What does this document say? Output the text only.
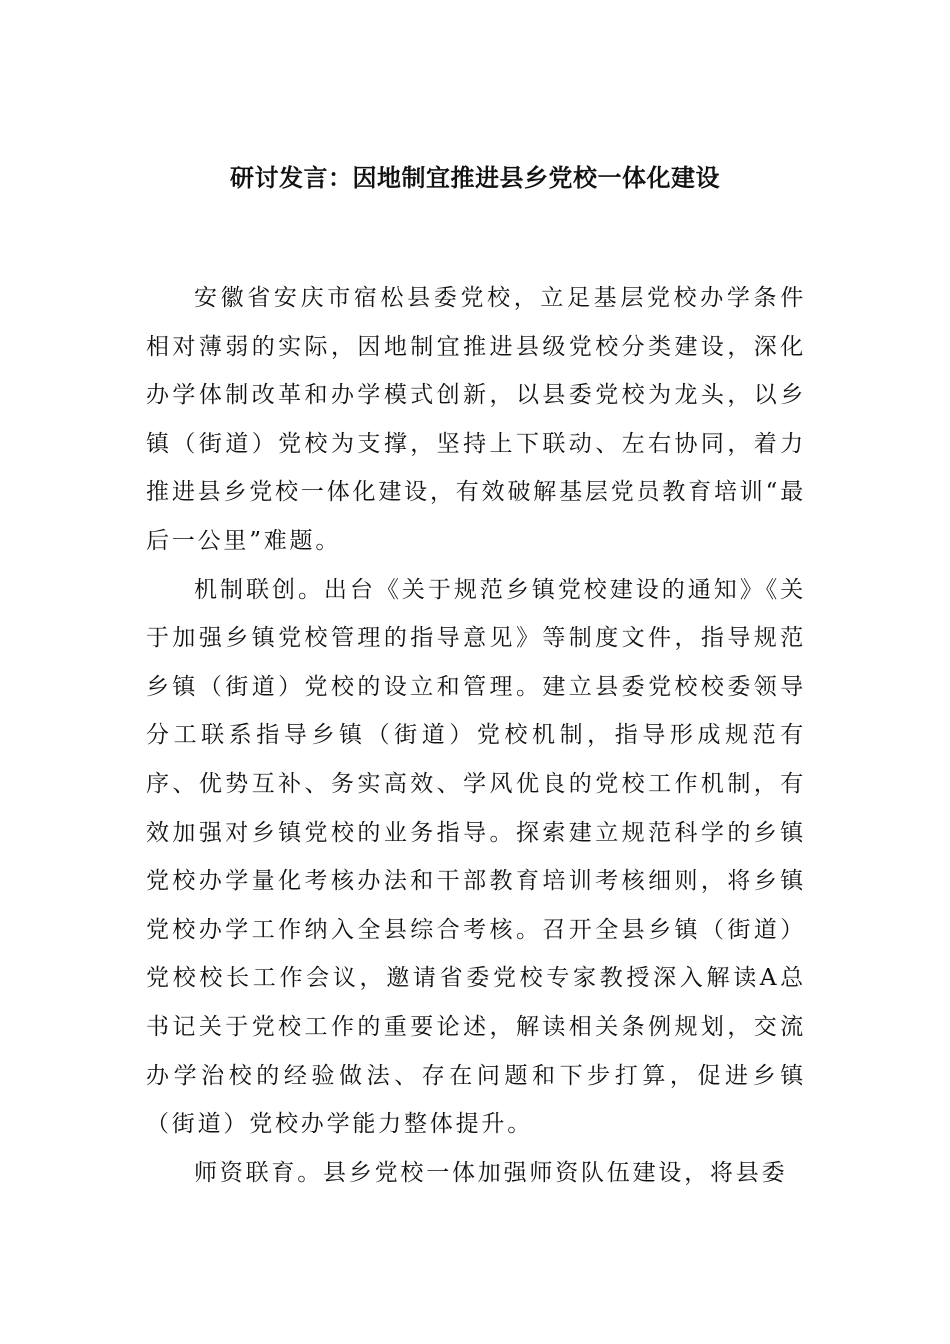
研讨发言：因地制宜推进县乡党校一体化建设

安徽省安庆市宿松县委党校，立足基层党校办学条件相对薄弱的实际，因地制宜推进县级党校分类建设，深化办学体制改革和办学模式创新，以县委党校为龙头，以乡镇（街道）党校为支撑，坚持上下联动、左右协同，着力推进县乡党校一体化建设，有效破解基层党员教育培训“最后一公里”难题。

机制联创。出台《关于规范乡镇党校建设的通知》《关于加强乡镇党校管理的指导意见》等制度文件，指导规范乡镇（街道）党校的设立和管理。建立县委党校校委领导分工联系指导乡镇（街道）党校机制，指导形成规范有序、优势互补、务实高效、学风优良的党校工作机制，有效加强对乡镇党校的业务指导。探索建立规范科学的乡镇党校办学量化考核办法和干部教育培训考核细则，将乡镇党校办学工作纳入全县综合考核。召开全县乡镇（街道）党校校长工作会议，邀请省委党校专家教授深入解读A总书记关于党校工作的重要论述，解读相关条例规划，交流办学治校的经验做法、存在问题和下步打算，促进乡镇（街道）党校办学能力整体提升。

师资联育。县乡党校一体加强师资队伍建设，将县委
